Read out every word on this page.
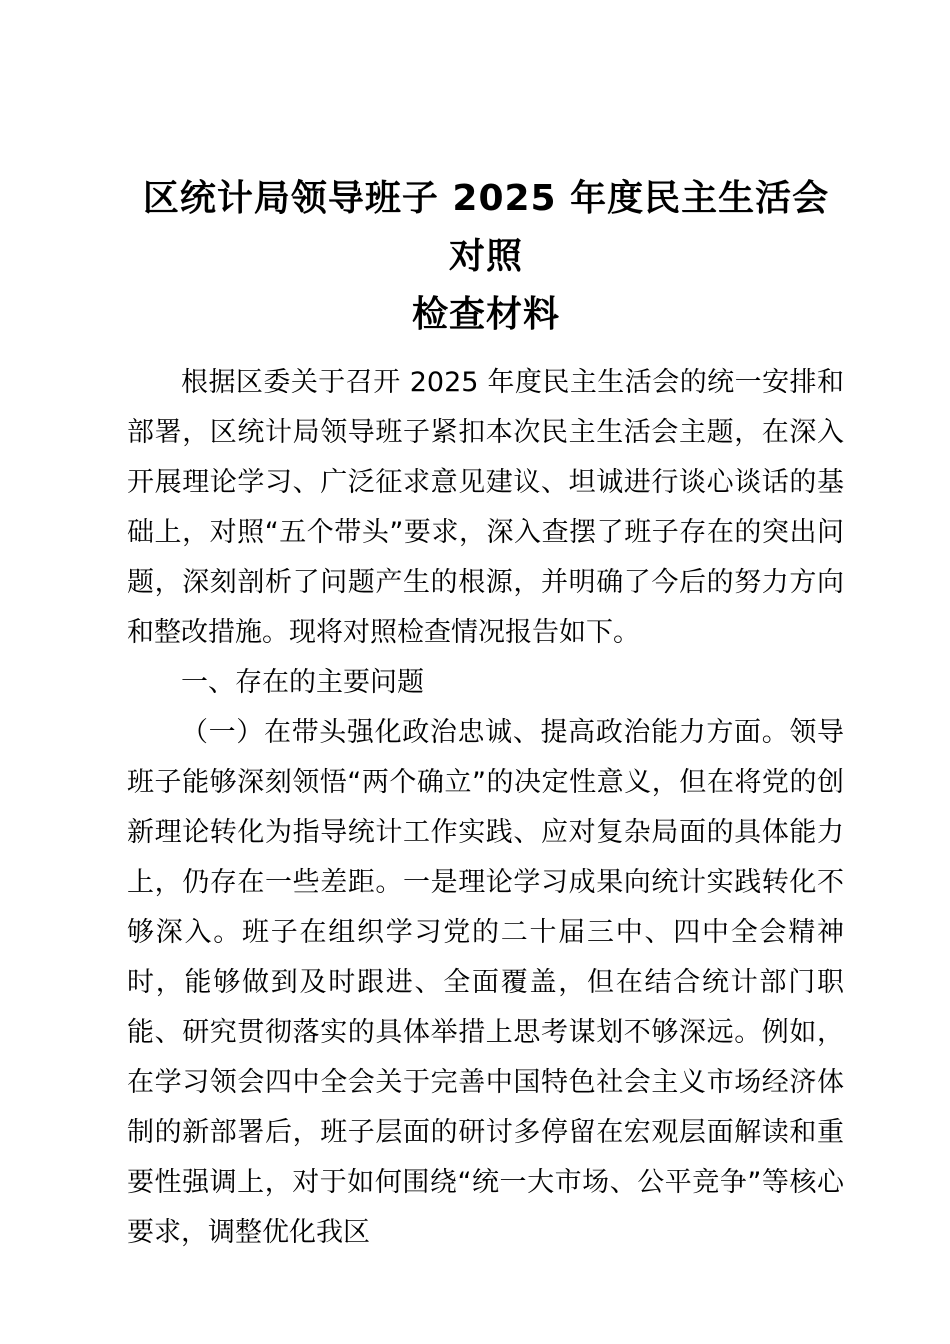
区统计局领导班子 2025 年度民主生活会对照
检查材料

根据区委关于召开 2025 年度民主生活会的统一安排和部署，区统计局领导班子紧扣本次民主生活会主题，在深入开展理论学习、广泛征求意见建议、坦诚进行谈心谈话的基础上，对照“五个带头”要求，深入查摆了班子存在的突出问题，深刻剖析了问题产生的根源，并明确了今后的努力方向和整改措施。现将对照检查情况报告如下。

一、存在的主要问题

（一）在带头强化政治忠诚、提高政治能力方面。领导班子能够深刻领悟“两个确立”的决定性意义，但在将党的创新理论转化为指导统计工作实践、应对复杂局面的具体能力上，仍存在一些差距。一是理论学习成果向统计实践转化不够深入。班子在组织学习党的二十届三中、四中全会精神时，能够做到及时跟进、全面覆盖，但在结合统计部门职能、研究贯彻落实的具体举措上思考谋划不够深远。例如，在学习领会四中全会关于完善中国特色社会主义市场经济体制的新部署后，班子层面的研讨多停留在宏观层面解读和重要性强调上，对于如何围绕“统一大市场、公平竞争”等核心要求，调整优化我区
